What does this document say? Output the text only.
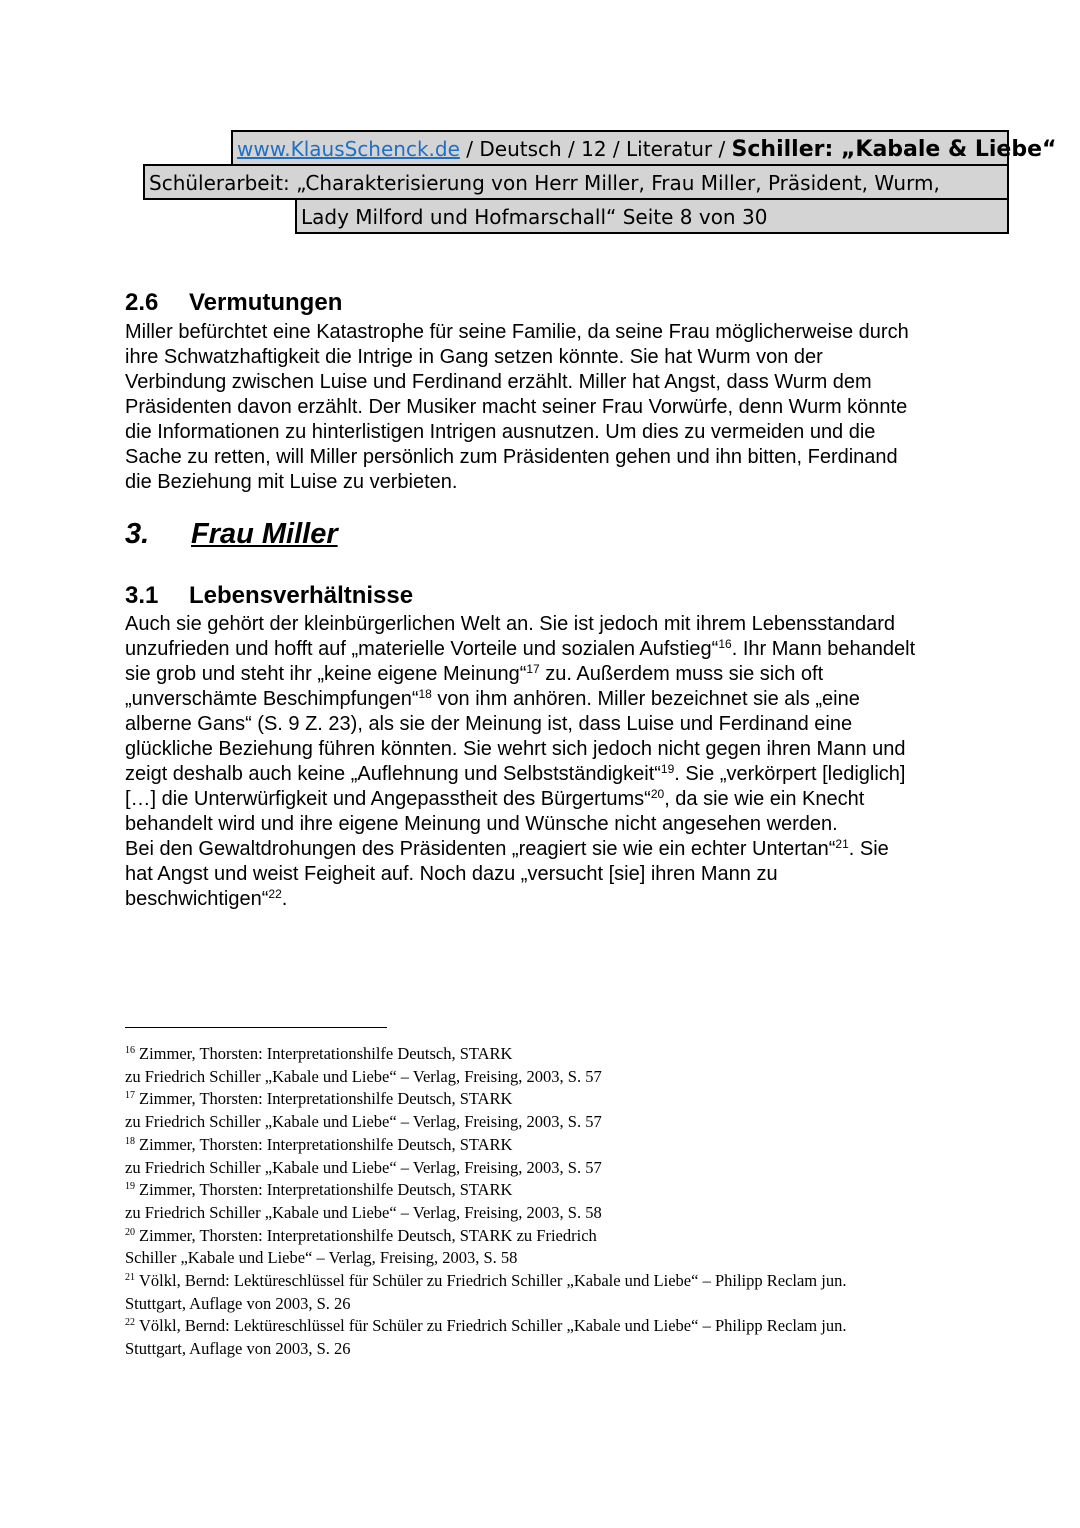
www.KlausSchenck.de / Deutsch / 12 / Literatur / Schiller: „Kabale & Liebe“
Schülerarbeit: „Charakterisierung von Herr Miller, Frau Miller, Präsident, Wurm,
Lady Milford und Hofmarschall“ Seite 8 von 30
2.6 Vermutungen
Miller befürchtet eine Katastrophe für seine Familie, da seine Frau möglicherweise durch
ihre Schwatzhaftigkeit die Intrige in Gang setzen könnte. Sie hat Wurm von der
Verbindung zwischen Luise und Ferdinand erzählt. Miller hat Angst, dass Wurm dem
Präsidenten davon erzählt. Der Musiker macht seiner Frau Vorwürfe, denn Wurm könnte
die Informationen zu hinterlistigen Intrigen ausnutzen. Um dies zu vermeiden und die
Sache zu retten, will Miller persönlich zum Präsidenten gehen und ihn bitten, Ferdinand
die Beziehung mit Luise zu verbieten.
3. Frau Miller
3.1 Lebensverhältnisse
Auch sie gehört der kleinbürgerlichen Welt an. Sie ist jedoch mit ihrem Lebensstandard
unzufrieden und hofft auf „materielle Vorteile und sozialen Aufstieg“$^{16}$. Ihr Mann behandelt
sie grob und steht ihr „keine eigene Meinung“$^{17}$ zu. Außerdem muss sie sich oft
„unverschämte Beschimpfungen“$^{18}$ von ihm anhören. Miller bezeichnet sie als „eine
alberne Gans“ (S. 9 Z. 23), als sie der Meinung ist, dass Luise und Ferdinand eine
glückliche Beziehung führen könnten. Sie wehrt sich jedoch nicht gegen ihren Mann und
zeigt deshalb auch keine „Auflehnung und Selbstständigkeit“$^{19}$. Sie „verkörpert [lediglich]
[…] die Unterwürfigkeit und Angepasstheit des Bürgertums“$^{20}$, da sie wie ein Knecht
behandelt wird und ihre eigene Meinung und Wünsche nicht angesehen werden.
Bei den Gewaltdrohungen des Präsidenten „reagiert sie wie ein echter Untertan“$^{21}$. Sie
hat Angst und weist Feigheit auf. Noch dazu „versucht [sie] ihren Mann zu
beschwichtigen“$^{22}$.
$^{16}$ Zimmer, Thorsten: Interpretationshilfe Deutsch, STARK
zu Friedrich Schiller „Kabale und Liebe“ – Verlag, Freising, 2003, S. 57
$^{17}$ Zimmer, Thorsten: Interpretationshilfe Deutsch, STARK
zu Friedrich Schiller „Kabale und Liebe“ – Verlag, Freising, 2003, S. 57
$^{18}$ Zimmer, Thorsten: Interpretationshilfe Deutsch, STARK
zu Friedrich Schiller „Kabale und Liebe“ – Verlag, Freising, 2003, S. 57
$^{19}$ Zimmer, Thorsten: Interpretationshilfe Deutsch, STARK
zu Friedrich Schiller „Kabale und Liebe“ – Verlag, Freising, 2003, S. 58
$^{20}$ Zimmer, Thorsten: Interpretationshilfe Deutsch, STARK zu Friedrich
Schiller „Kabale und Liebe“ – Verlag, Freising, 2003, S. 58
$^{21}$ Völkl, Bernd: Lektüreschlüssel für Schüler zu Friedrich Schiller „Kabale und Liebe“ – Philipp Reclam jun.
Stuttgart, Auflage von 2003, S. 26
$^{22}$ Völkl, Bernd: Lektüreschlüssel für Schüler zu Friedrich Schiller „Kabale und Liebe“ – Philipp Reclam jun.
Stuttgart, Auflage von 2003, S. 26
